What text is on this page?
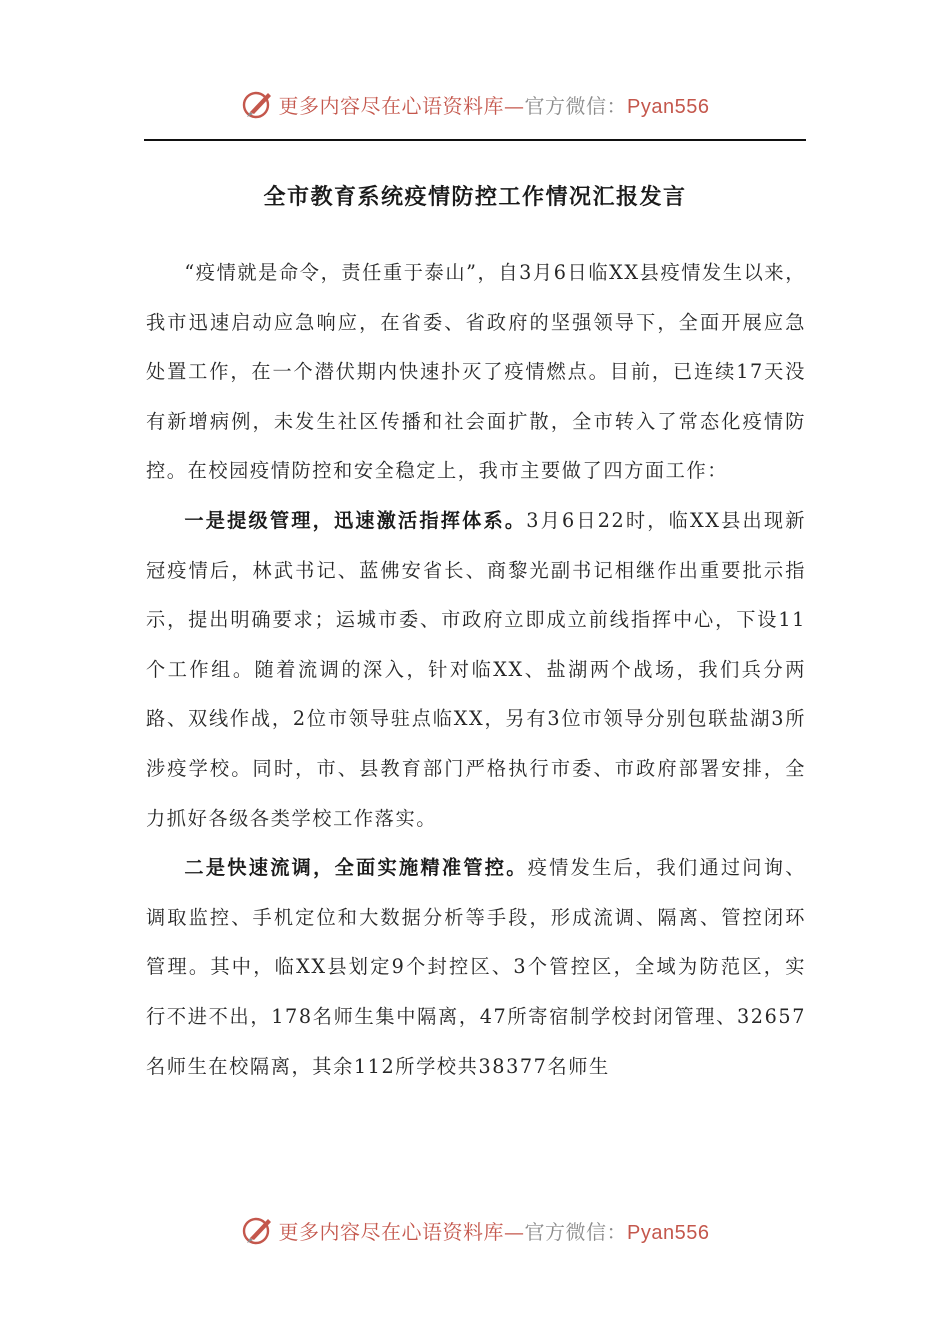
更多内容尽在心语资料库—官方微信：Pyan556
全市教育系统疫情防控工作情况汇报发言

“疫情就是命令，责任重于泰山”，自3月6日临XX县疫情发生以来，我市迅速启动应急响应，在省委、省政府的坚强领导下，全面开展应急处置工作，在一个潜伏期内快速扑灭了疫情燃点。目前，已连续17天没有新增病例，未发生社区传播和社会面扩散，全市转入了常态化疫情防控。在校园疫情防控和安全稳定上，我市主要做了四方面工作：

一是提级管理，迅速激活指挥体系。3月6日22时，临XX县出现新冠疫情后，林武书记、蓝佛安省长、商黎光副书记相继作出重要批示指示，提出明确要求；运城市委、市政府立即成立前线指挥中心，下设11个工作组。随着流调的深入，针对临XX、盐湖两个战场，我们兵分两路、双线作战，2位市领导驻点临XX，另有3位市领导分别包联盐湖3所涉疫学校。同时，市、县教育部门严格执行市委、市政府部署安排，全力抓好各级各类学校工作落实。

二是快速流调，全面实施精准管控。疫情发生后，我们通过问询、调取监控、手机定位和大数据分析等手段，形成流调、隔离、管控闭环管理。其中，临XX县划定9个封控区、3个管控区，全域为防范区，实行不进不出，178名师生集中隔离，47所寄宿制学校封闭管理、32657名师生在校隔离，其余112所学校共38377名师生

更多内容尽在心语资料库—官方微信：Pyan556
